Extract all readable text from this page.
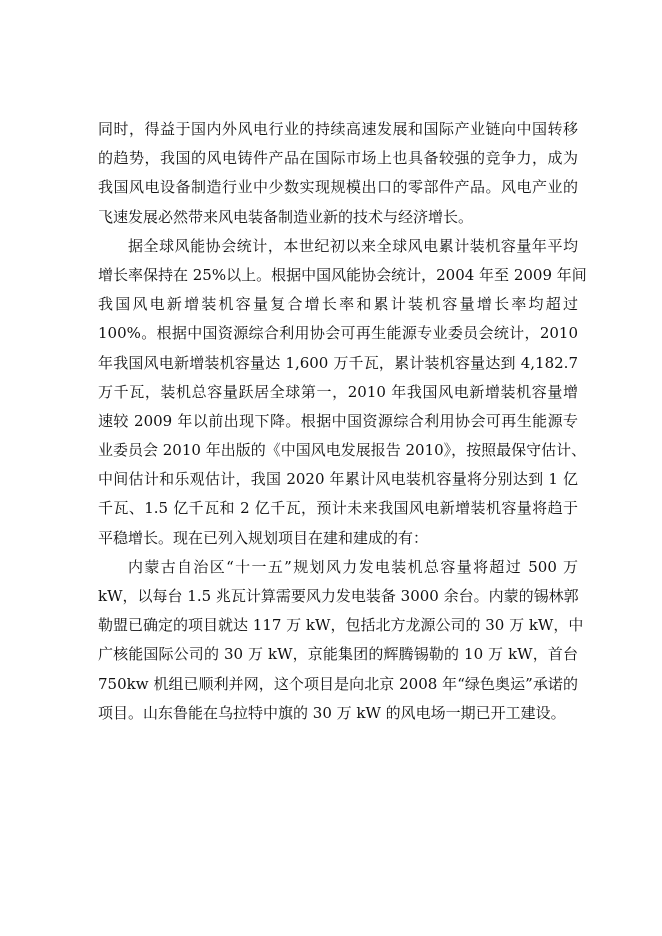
同时，得益于国内外风电行业的持续高速发展和国际产业链向中国转移
的趋势，我国的风电铸件产品在国际市场上也具备较强的竞争力，成为
我国风电设备制造行业中少数实现规模出口的零部件产品。风电产业的
飞速发展必然带来风电装备制造业新的技术与经济增长。
据全球风能协会统计，本世纪初以来全球风电累计装机容量年平均
增长率保持在 25%以上。根据中国风能协会统计，2004 年至 2009 年间
我国风电新增装机容量复合增长率和累计装机容量增长率均超过
100%。根据中国资源综合利用协会可再生能源专业委员会统计，2010
年我国风电新增装机容量达 1,600 万千瓦，累计装机容量达到 4,182.7
万千瓦，装机总容量跃居全球第一，2010 年我国风电新增装机容量增
速较 2009 年以前出现下降。根据中国资源综合利用协会可再生能源专
业委员会 2010 年出版的《中国风电发展报告 2010》，按照最保守估计、
中间估计和乐观估计，我国 2020 年累计风电装机容量将分别达到 1 亿
千瓦、1.5 亿千瓦和 2 亿千瓦，预计未来我国风电新增装机容量将趋于
平稳增长。现在已列入规划项目在建和建成的有：
内蒙古自治区“十一五”规划风力发电装机总容量将超过 500 万
kW，以每台 1.5 兆瓦计算需要风力发电装备 3000 余台。内蒙的锡林郭
勒盟已确定的项目就达 117 万 kW，包括北方龙源公司的 30 万 kW，中
广核能国际公司的 30 万 kW，京能集团的辉腾锡勒的 10 万 kW，首台
750kw 机组已顺利并网，这个项目是向北京 2008 年“绿色奥运”承诺的
项目。山东鲁能在乌拉特中旗的 30 万 kW 的风电场一期已开工建设。
